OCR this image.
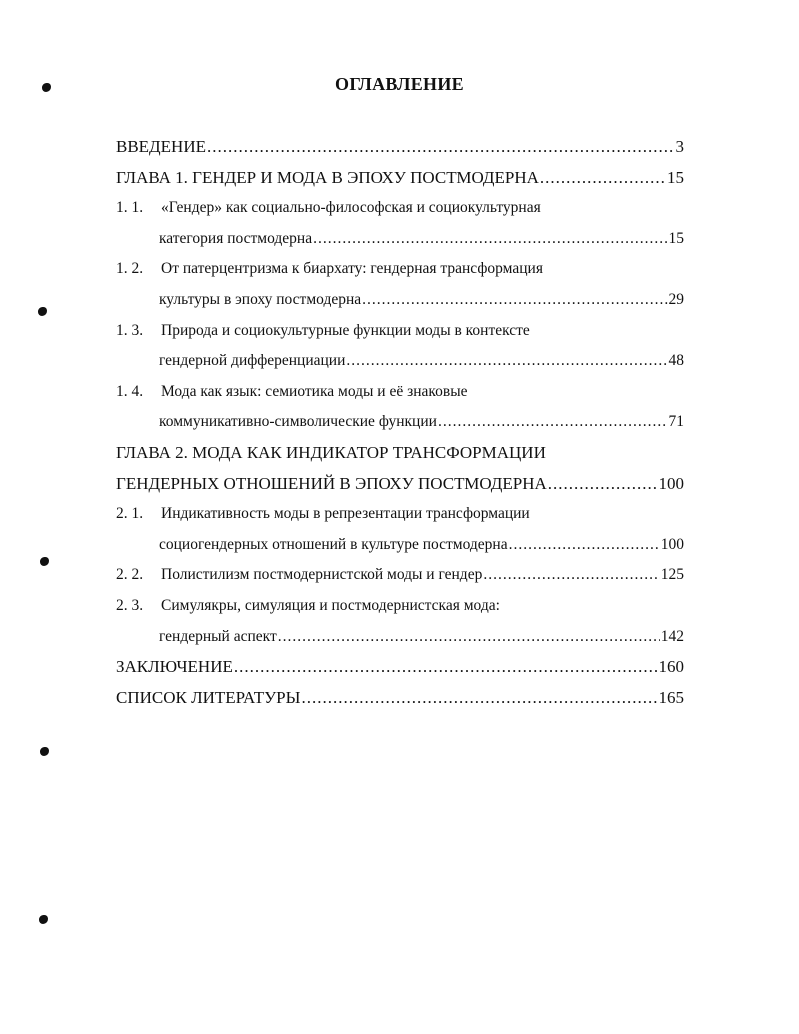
ОГЛАВЛЕНИЕ
ВВЕДЕНИЕ .....	3
ГЛАВА 1. ГЕНДЕР И МОДА В ЭПОХУ ПОСТМОДЕРНА .....	15
1. 1.	«Гендер» как социально-философская и социокультурная
категория постмодерна .....	15
1. 2.	От патерцентризма к биархату: гендерная трансформация
культуры в эпоху постмодерна .....	29
1. 3.	Природа и социокультурные функции моды в контексте
гендерной дифференциации .....	48
1. 4.	Мода как язык: семиотика моды и её знаковые
коммуникативно-символические функции .....	71
ГЛАВА 2. МОДА КАК ИНДИКАТОР ТРАНСФОРМАЦИИ
ГЕНДЕРНЫХ ОТНОШЕНИЙ В ЭПОХУ ПОСТМОДЕРНА .....	100
2. 1.	Индикативность моды в репрезентации трансформации
социогендерных отношений в культуре постмодерна .....	100
2. 2.	Полистилизм постмодернистской моды и гендер .....	125
2. 3.	Симулякры, симуляция и постмодернистская мода:
гендерный аспект .....	142
ЗАКЛЮЧЕНИЕ .....	160
СПИСОК ЛИТЕРАТУРЫ .....	165
